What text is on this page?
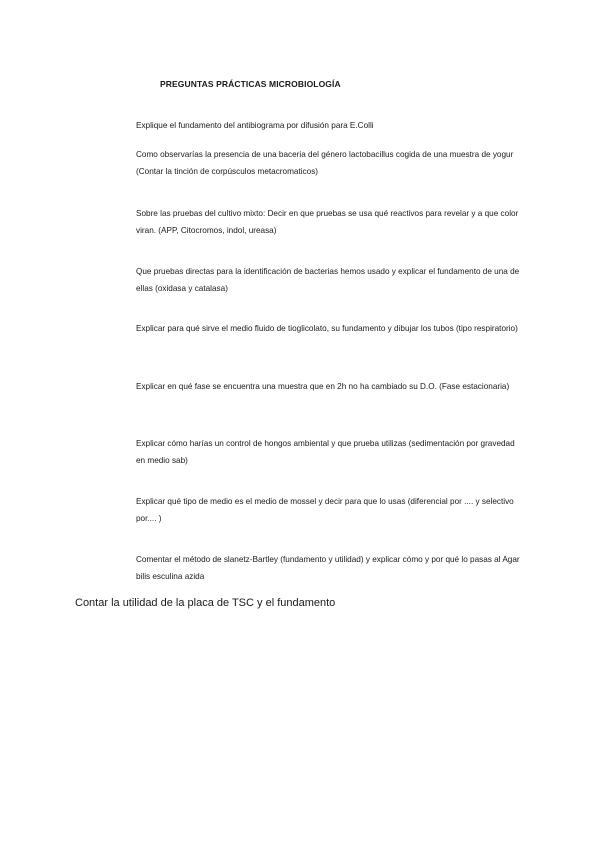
PREGUNTAS PRÁCTICAS MICROBIOLOGÍA
Explique el fundamento del antibiograma por difusión para E.Colli
Como observarías la presencia de una baceria del género lactobacillus cogida de una muestra de yogur (Contar la tinción de corpúsculos metacromaticos)
Sobre las pruebas del cultivo mixto: Decir en que pruebas se usa qué reactivos para revelar y a que color viran. (APP, Citocromos, indol, ureasa)
Que pruebas directas para la identificación de bacterias hemos usado y explicar el fundamento de una de ellas (oxidasa y catalasa)
Explicar para qué sirve el medio fluido de tioglicolato, su fundamento y dibujar los tubos (tipo respiratorio)
Explicar en qué fase se encuentra una muestra que en 2h no ha cambiado su D.O. (Fase estacionaria)
Explicar cómo harías un control de hongos ambiental y que prueba utilizas (sedimentación por gravedad en medio sab)
Explicar qué tipo de medio es el medio de mossel y decir para que lo usas (diferencial por .... y selectivo por.... )
Comentar el método de slanetz-Bartley (fundamento y utilidad) y explicar cómo y por qué lo pasas al Agar bilis esculina azida
Contar la utilidad de la placa de TSC y el fundamento
